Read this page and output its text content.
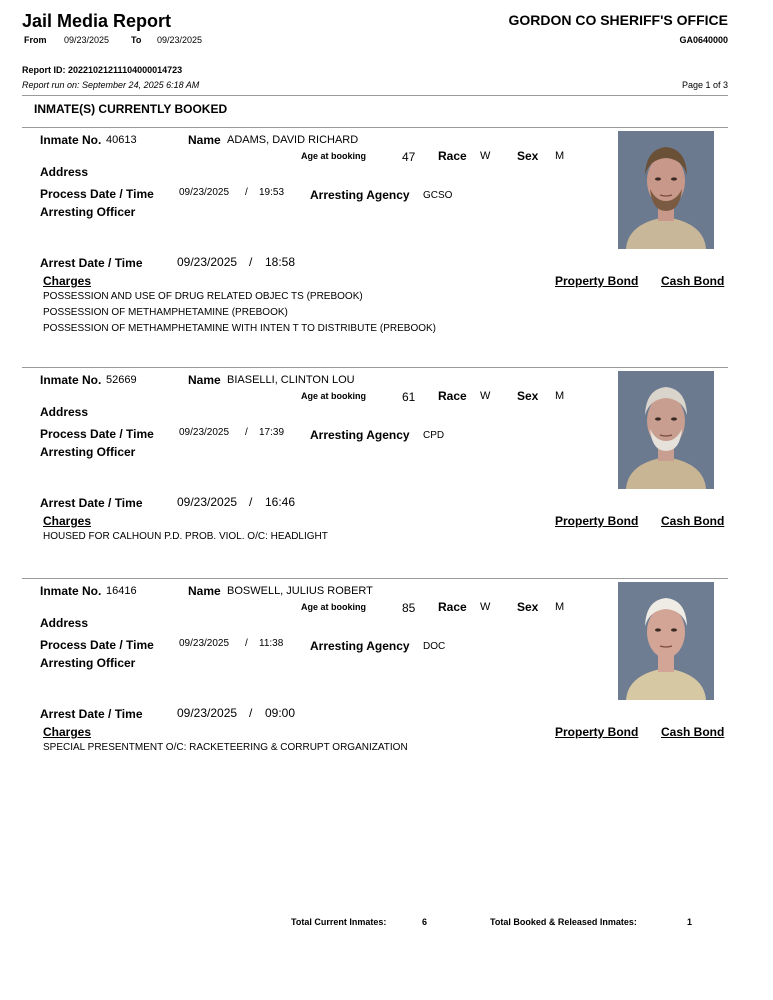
Jail Media Report
From 09/23/2025 To 09/23/2025
GORDON CO SHERIFF'S OFFICE
GA0640000
Report ID: 20221021211104000014723
Report run on: September 24, 2025 6:18 AM	Page 1 of 3
INMATE(S) CURRENTLY BOOKED
Inmate No. 40613	Name ADAMS, DAVID RICHARD
Age at booking	47 Race W Sex M
Address
Process Date / Time	09/23/2025 / 19:53 Arresting Agency GCSO
Arresting Officer
Arrest Date / Time	09/23/2025 / 18:58
Charges	Property Bond Cash Bond
POSSESSION AND USE OF DRUG RELATED OBJEC TS (PREBOOK)
POSSESSION OF METHAMPHETAMINE (PREBOOK)
POSSESSION OF METHAMPHETAMINE WITH INTEN T TO DISTRIBUTE (PREBOOK)
Inmate No. 52669	Name BIASELLI, CLINTON LOU
Age at booking	61 Race W Sex M
Address
Process Date / Time	09/23/2025 / 17:39 Arresting Agency CPD
Arresting Officer
Arrest Date / Time	09/23/2025 / 16:46
Charges	Property Bond Cash Bond
HOUSED FOR CALHOUN P.D. PROB. VIOL. O/C: HEADLIGHT
Inmate No. 16416	Name BOSWELL, JULIUS ROBERT
Age at booking	85 Race W Sex M
Address
Process Date / Time	09/23/2025 / 11:38 Arresting Agency DOC
Arresting Officer
Arrest Date / Time	09/23/2025 / 09:00
Charges	Property Bond Cash Bond
SPECIAL PRESENTMENT O/C: RACKETEERING & CORRUPT ORGANIZATION
Total Current Inmates:	6	Total Booked & Released Inmates:	1
